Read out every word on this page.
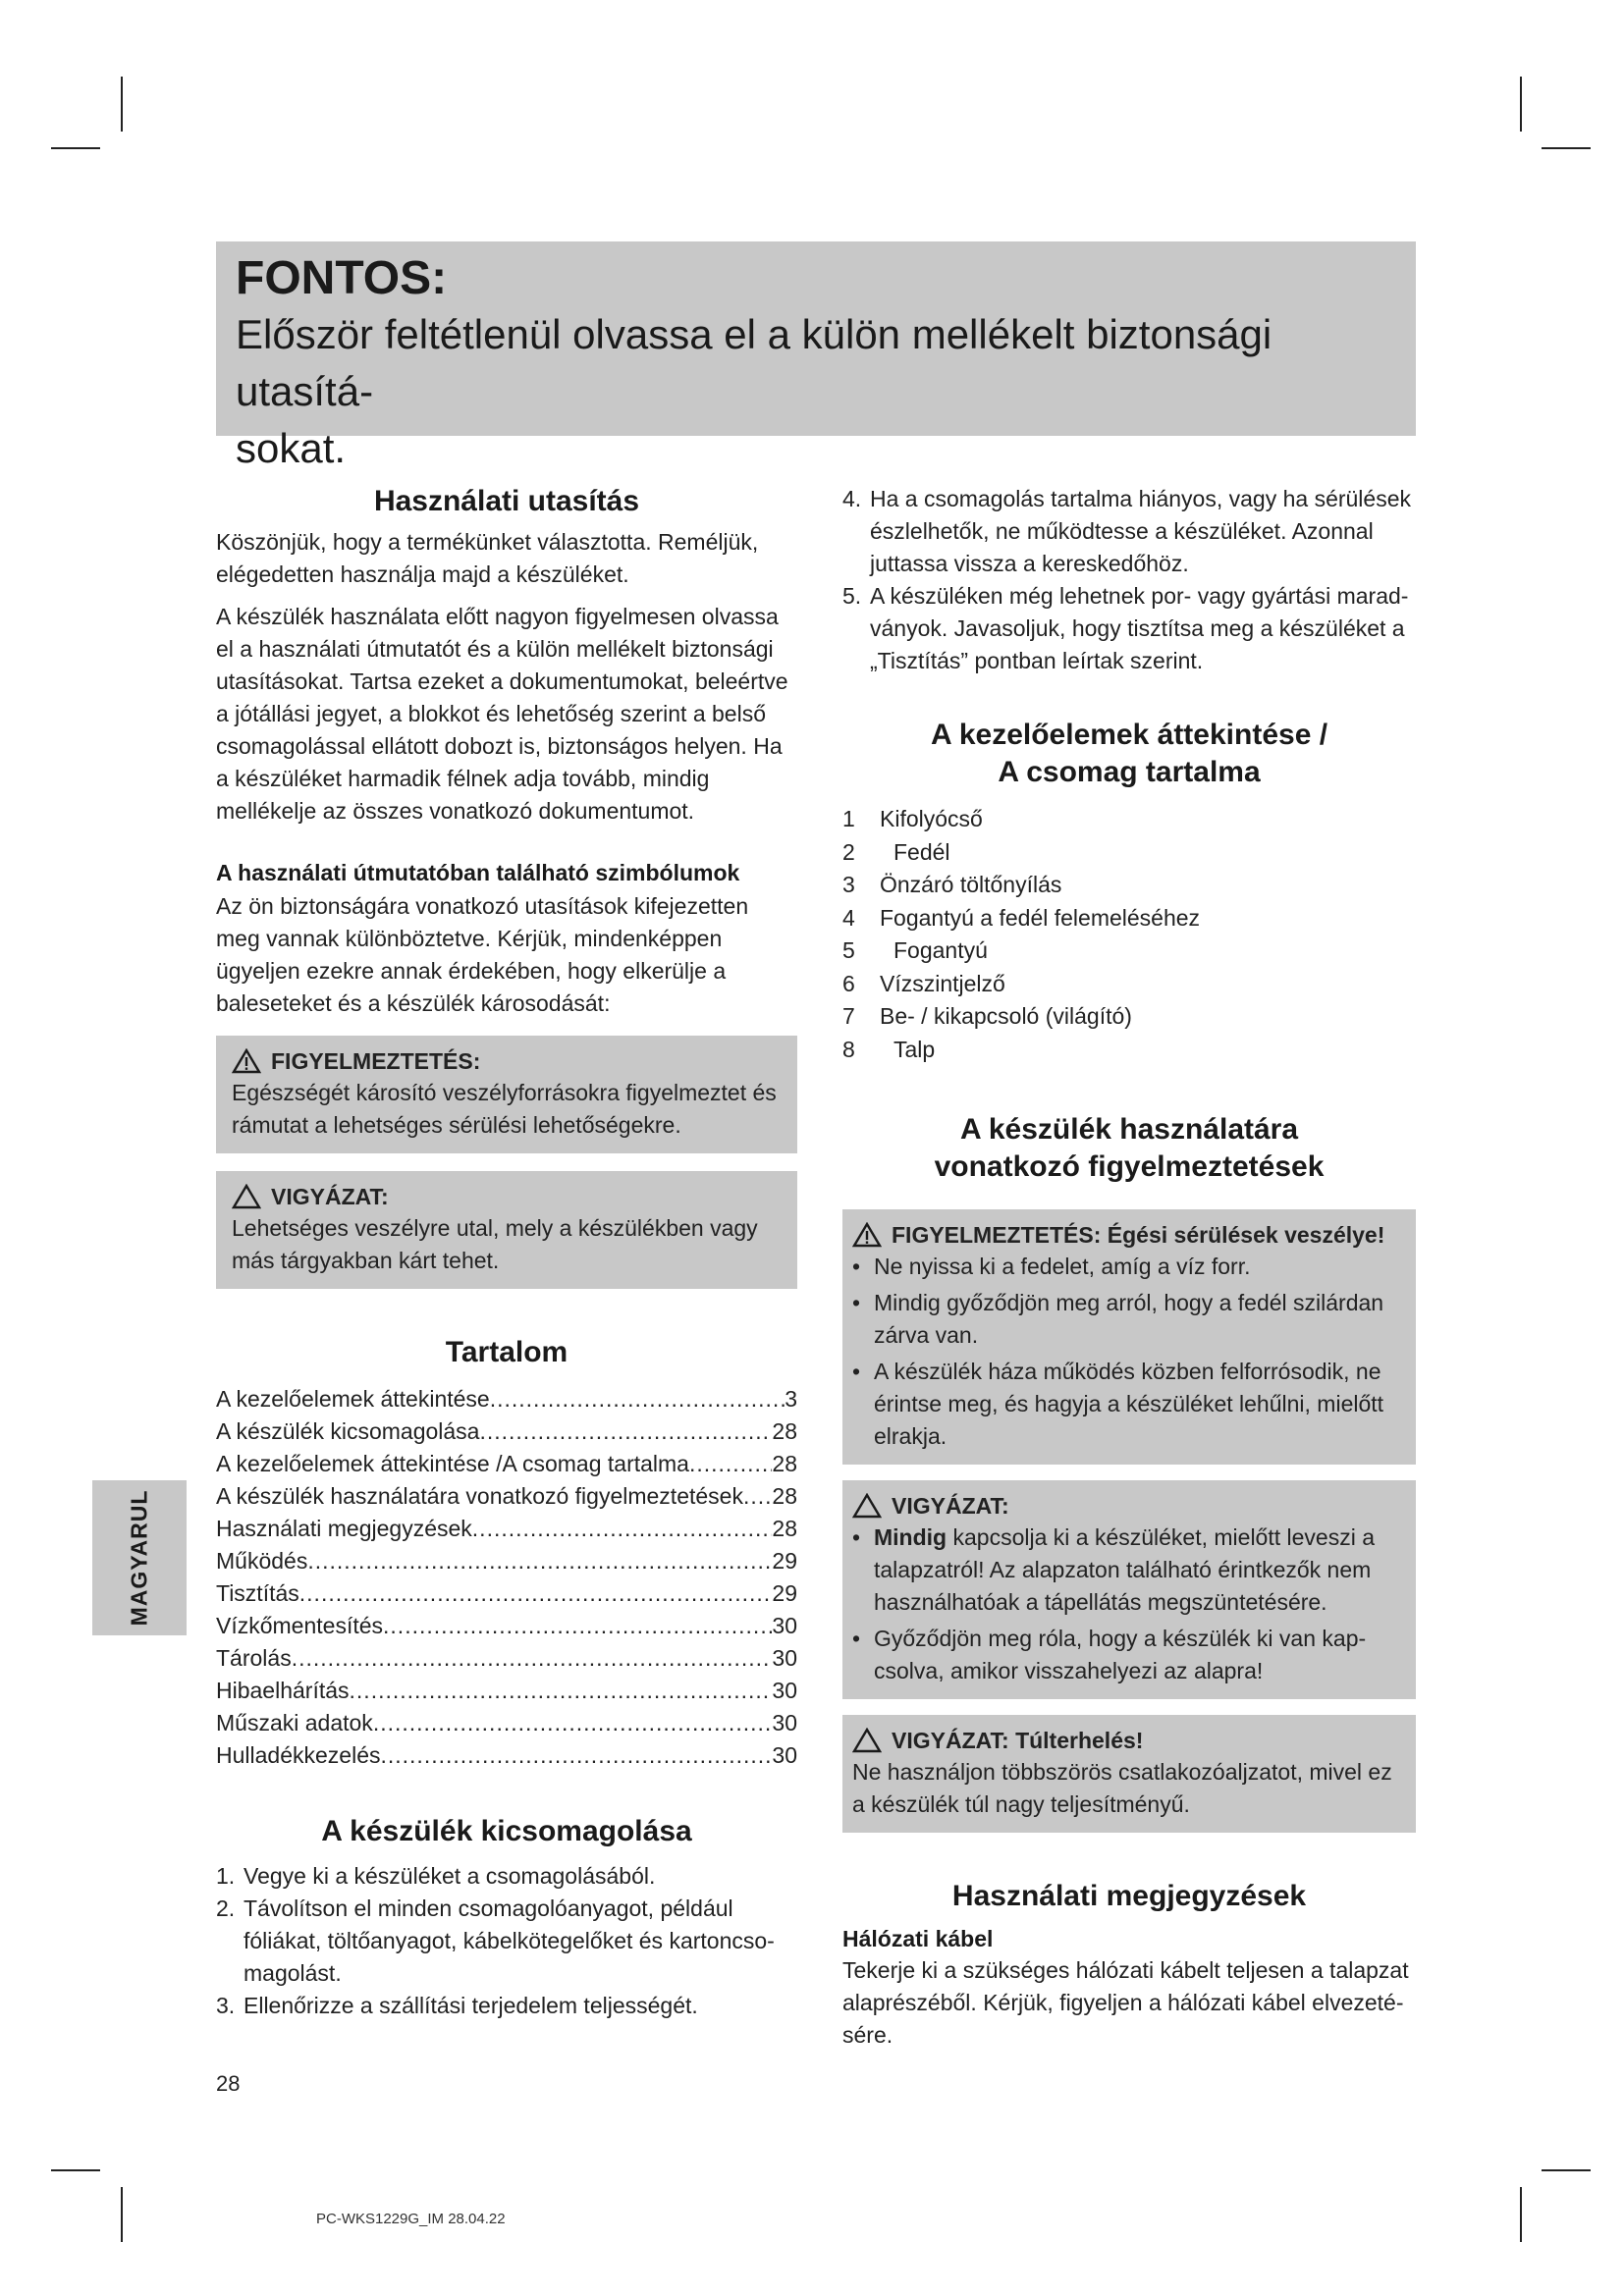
FONTOS:
Először feltétlenül olvassa el a külön mellékelt biztonsági utasítá-
sokat.
MAGYARUL
Használati utasítás

Köszönjük, hogy a termékünket választotta. Reméljük, elégedetten használja majd a készüléket.

A készülék használata előtt nagyon figyelmesen olvassa el a használati útmutatót és a külön mellékelt biztonsági utasításokat. Tartsa ezeket a dokumentumokat, beleértve a jótállási jegyet, a blokkot és lehetőség szerint a belső csomagolással ellátott dobozt is, biztonságos helyen. Ha a készüléket harmadik félnek adja tovább, mindig mellékelje az összes vonatkozó dokumentumot.

A használati útmutatóban található szimbólumok

Az ön biztonságára vonatkozó utasítások kifejezetten meg vannak különböztetve. Kérjük, mindenképpen ügyeljen ezekre annak érdekében, hogy elkerülje a baleseteket és a készülék károsodását:

FIGYELMEZTETÉS:

Egészségét károsító veszélyforrásokra figyelmeztet és rámutat a lehetséges sérülési lehetőségekre.

VIGYÁZAT:

Lehetséges veszélyre utal, mely a készülékben vagy más tárgyakban kárt tehet.

Tartalom
A kezelőelemek áttekintése .....	3
A készülék kicsomagolása .....	28
A kezelőelemek áttekintése /A csomag tartalma .....	28
A készülék használatára vonatkozó figyelmeztetések ..... 28
Használati megjegyzések .....	28
Működés .....	29
Tisztítás .....	29
Vízkőmentesítés .....	30
Tárolás .....	30
Hibaelhárítás .....	30
Műszaki adatok .....	30
Hulladékkezelés .....	30
A készülék kicsomagolása
1. Vegye ki a készüléket a csomagolásából.
2. Távolítson el minden csomagolóanyagot, például fóliákat, töltőanyagot, kábelkötegelőket és kartoncso-magolást.
3. Ellenőrizze a szállítási terjedelem teljességét.
4. Ha a csomagolás tartalma hiányos, vagy ha sérülések észlelhetők, ne működtesse a készüléket. Azonnal juttassa vissza a kereskedőhöz.
5. A készüléken még lehetnek por- vagy gyártási marad-ványok. Javasoljuk, hogy tisztítsa meg a készüléket a „Tisztítás” pontban leírtak szerint.
A kezelőelemek áttekintése /
A csomag tartalma
1	Kifolyócső
2	Fedél
3	Önzáró töltőnyílás
4	Fogantyú a fedél felemeléséhez
5	Fogantyú
6	Vízszintjelző
7	Be- / kikapcsoló (világító)
8	Talp
A készülék használatára
vonatkozó figyelmeztetések
FIGYELMEZTETÉS: Égési sérülések veszélye!
• Ne nyissa ki a fedelet, amíg a víz forr.
• Mindig győződjön meg arról, hogy a fedél szilárdan zárva van.
• A készülék háza működés közben felforrósodik, ne érintse meg, és hagyja a készüléket lehűlni, mielőtt elrakja.
VIGYÁZAT:
• Mindig kapcsolja ki a készüléket, mielőtt leveszi a talapzatról! Az alapzaton található érintkezők nem használhatóak a tápellátás megszüntetésére.
• Győződjön meg róla, hogy a készülék ki van kap-csolva, amikor visszahelyezi az alapra!
VIGYÁZAT: Túlterhelés!

Ne használjon többszörös csatlakozóaljzatot, mivel ez a készülék túl nagy teljesítményű.

Használati megjegyzések
Hálózati kábel

Tekerje ki a szükséges hálózati kábelt teljesen a talapzat alaprészéből. Kérjük, figyeljen a hálózati kábel elvezeté-sére.

28
PC-WKS1229G_IM 28.04.22
